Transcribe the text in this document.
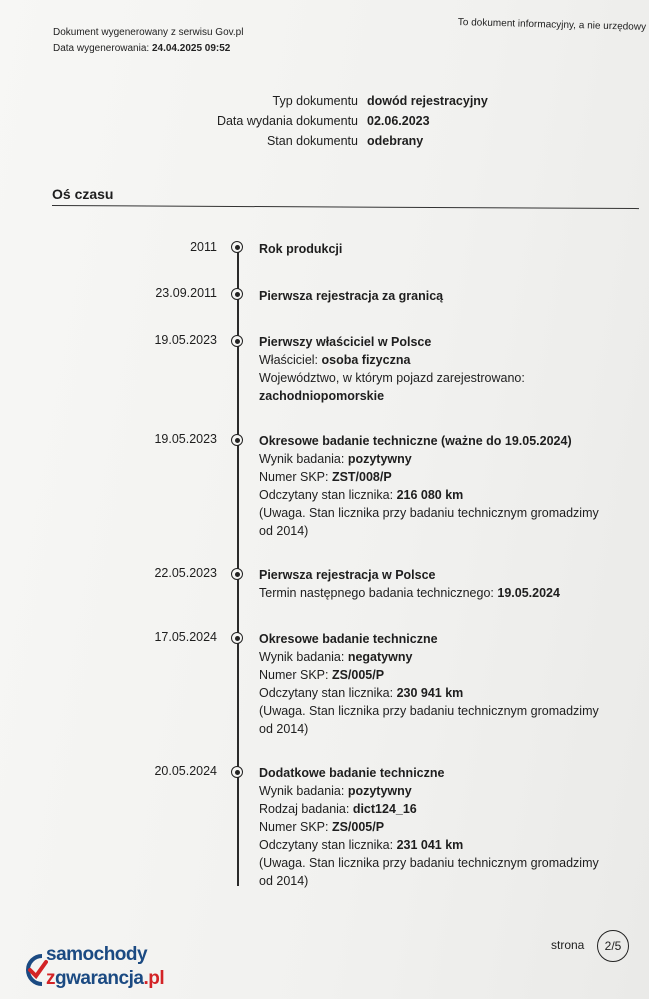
Dokument wygenerowany z serwisu Gov.pl
Data wygenerowania: 24.04.2025 09:52
To dokument informacyjny, a nie urzędowy
Typ dokumentu dowód rejestracyjny
Data wydania dokumentu 02.06.2023
Stan dokumentu odebrany
Oś czasu
2011	Rok produkcji
23.09.2011	Pierwsza rejestracja za granicą
19.05.2023	Pierwszy właściciel w Polsce
Właściciel: osoba fizyczna
Województwo, w którym pojazd zarejestrowano:
zachodniopomorskie
19.05.2023	Okresowe badanie techniczne (ważne do 19.05.2024)
Wynik badania: pozytywny
Numer SKP: ZST/008/P
Odczytany stan licznika: 216 080 km
(Uwaga. Stan licznika przy badaniu technicznym gromadzimy od 2014)
22.05.2023	Pierwsza rejestracja w Polsce
Termin następnego badania technicznego: 19.05.2024
17.05.2024	Okresowe badanie techniczne
Wynik badania: negatywny
Numer SKP: ZS/005/P
Odczytany stan licznika: 230 941 km
(Uwaga. Stan licznika przy badaniu technicznym gromadzimy od 2014)
20.05.2024	Dodatkowe badanie techniczne
Wynik badania: pozytywny
Rodzaj badania: dict124_16
Numer SKP: ZS/005/P
Odczytany stan licznika: 231 041 km
(Uwaga. Stan licznika przy badaniu technicznym gromadzimy od 2014)
strona	2/5
samochody
zgwarancja.pl
